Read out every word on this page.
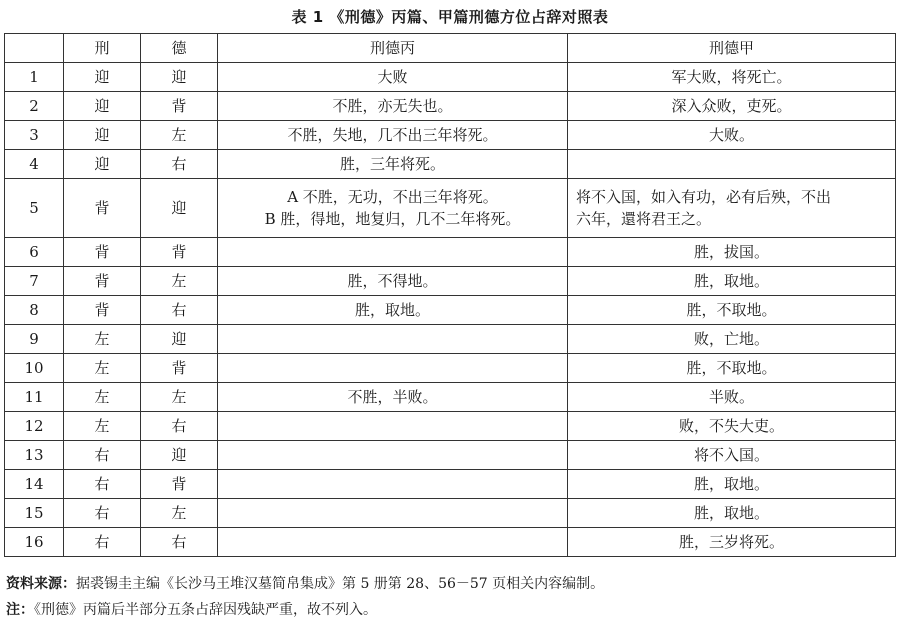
表 1 《刑德》丙篇、甲篇刑德方位占辞对照表
	刑	德	刑德丙	刑德甲
1	迎	迎	大败	军大败，将死亡。

2	迎	背	不胜，亦无失也。	深入众败，吏死。

3	迎	左	不胜，失地，几不出三年将死。	大败。

4	迎	右	胜，三年将死。	

5	背	迎	A 不胜，无功，不出三年将死。
B 胜，得地，地复归，几不二年将死。	将不入国，如入有功，必有后殃，不出
六年，還将君王之。

6	背	背		胜，拔国。

7	背	左	胜，不得地。	胜，取地。

8	背	右	胜，取地。	胜，不取地。

9	左	迎		败，亡地。

10	左	背		胜，不取地。

11	左	左	不胜，半败。	半败。

12	左	右		败，不失大吏。

13	右	迎		将不入国。

14	右	背		胜，取地。

15	右	左		胜，取地。

16	右	右		胜，三岁将死。
资料来源：据裘锡圭主编《长沙马王堆汉墓简帛集成》第 5 册第 28、56－57 页相关内容编制。
注：《刑德》丙篇后半部分五条占辞因残缺严重，故不列入。
